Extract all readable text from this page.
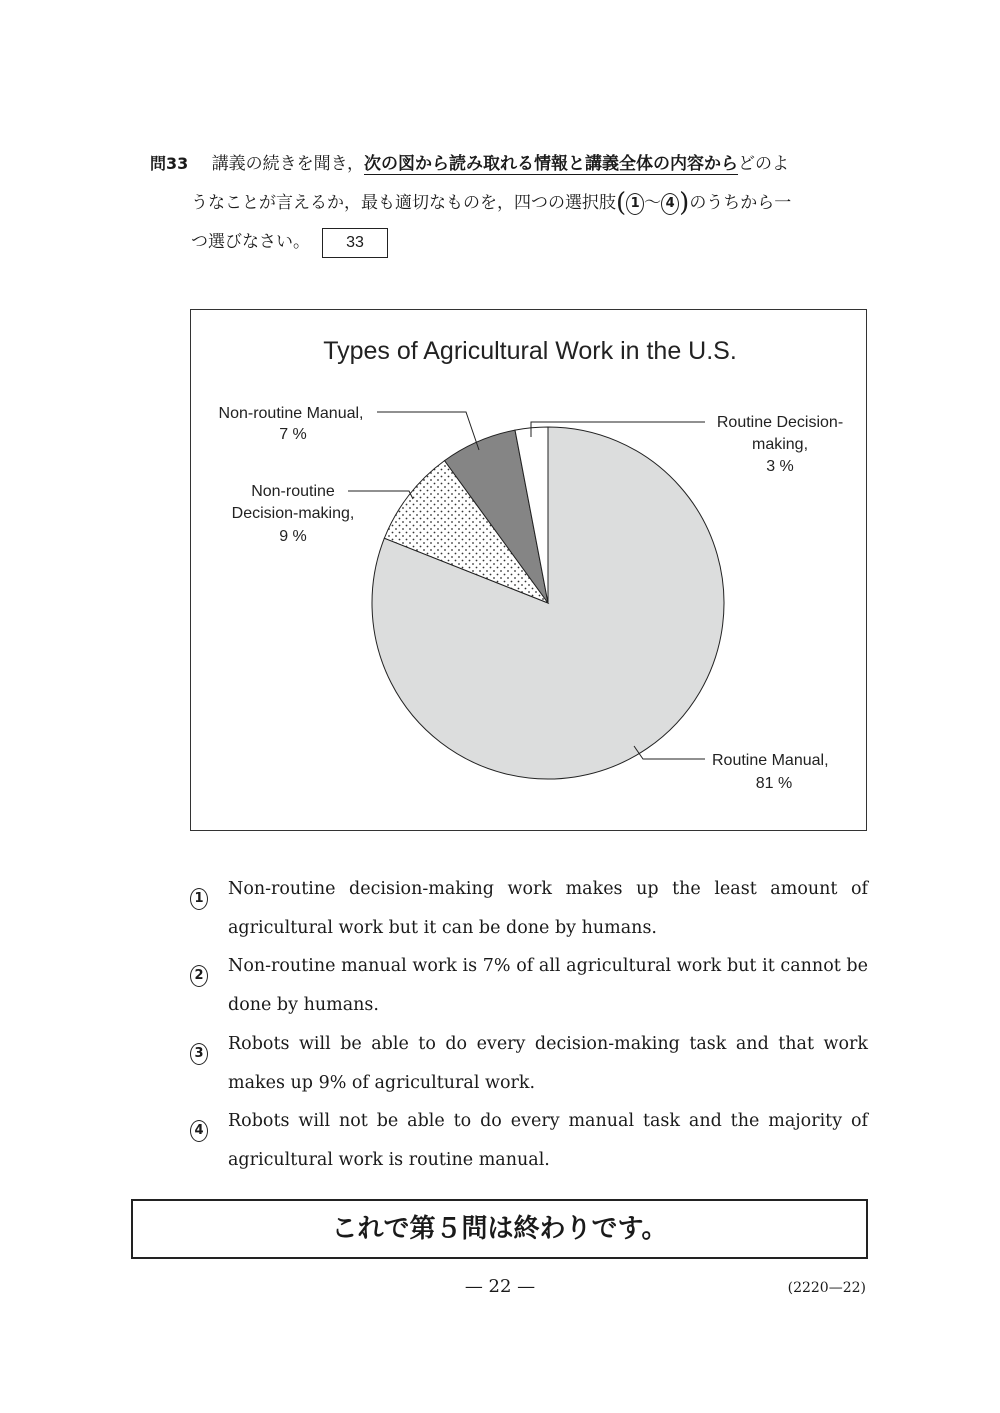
問33 講義の続きを聞き，次の図から読み取れる情報と講義全体の内容からどのよ
うなことが言えるか，最も適切なものを，四つの選択肢( 1 ～ 4 )のうちから一
つ選びなさい。 33
Types of Agricultural Work in the U.S.
Routine Manual,
81 %
Non-routine
Decision-making,
9 %
Non-routine Manual,
7 %
Routine Decision-
making,
3 %
1 Non-routine decision-making work makes up the least amount of agricultural work but it can be done by humans.
2 Non-routine manual work is 7% of all agricultural work but it cannot be done by humans.
3 Robots will be able to do every decision-making task and that work makes up 9% of agricultural work.
4 Robots will not be able to do every manual task and the majority of agricultural work is routine manual.
これで第５問は終わりです。
— 22 —	(2220—22)
